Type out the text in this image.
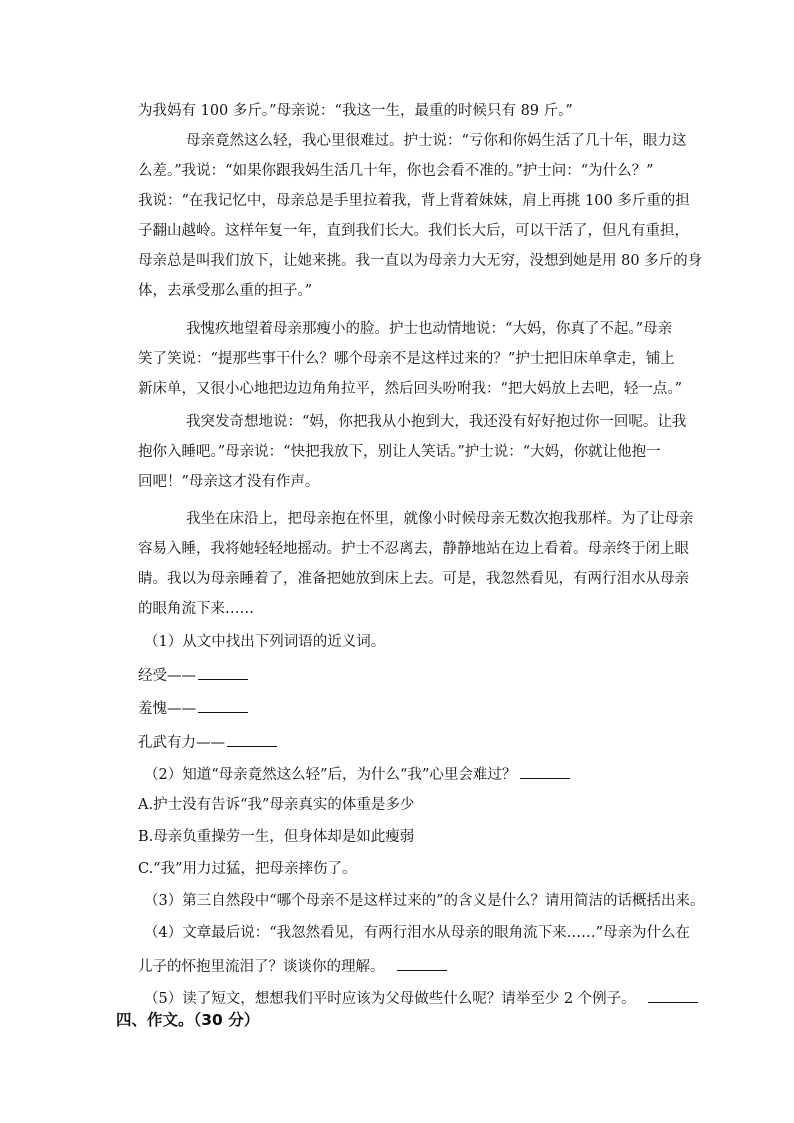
为我妈有 100 多斤。”母亲说：“我这一生，最重的时候只有 89 斤。”
母亲竟然这么轻，我心里很难过。护士说：“亏你和你妈生活了几十年，眼力这
么差。”我说：“如果你跟我妈生活几十年，你也会看不准的。”护士问：“为什么？”
我说：“在我记忆中，母亲总是手里拉着我，背上背着妹妹，肩上再挑 100 多斤重的担
子翻山越岭。这样年复一年，直到我们长大。我们长大后，可以干活了，但凡有重担，
母亲总是叫我们放下，让她来挑。我一直以为母亲力大无穷，没想到她是用 80 多斤的身
体，去承受那么重的担子。”
我愧疚地望着母亲那瘦小的脸。护士也动情地说：“大妈，你真了不起。”母亲
笑了笑说：“提那些事干什么？哪个母亲不是这样过来的？”护士把旧床单拿走，铺上
新床单，又很小心地把边边角角拉平，然后回头吩咐我：“把大妈放上去吧，轻一点。”
我突发奇想地说：“妈，你把我从小抱到大，我还没有好好抱过你一回呢。让我
抱你入睡吧。”母亲说：“快把我放下，别让人笑话。”护士说：“大妈，你就让他抱一
回吧！”母亲这才没有作声。
我坐在床沿上，把母亲抱在怀里，就像小时候母亲无数次抱我那样。为了让母亲
容易入睡，我将她轻轻地摇动。护士不忍离去，静静地站在边上看着。母亲终于闭上眼
睛。我以为母亲睡着了，准备把她放到床上去。可是，我忽然看见，有两行泪水从母亲
的眼角流下来……

（1）从文中找出下列词语的近义词。

经受——

羞愧——

孔武有力——

（2）知道“母亲竟然这么轻”后，为什么“我”心里会难过？

A.护士没有告诉“我”母亲真实的体重是多少

B.母亲负重操劳一生，但身体却是如此瘦弱

C.“我”用力过猛，把母亲摔伤了。

（3）第三自然段中“哪个母亲不是这样过来的”的含义是什么？请用简洁的话概括出来。

（4）文章最后说：“我忽然看见，有两行泪水从母亲的眼角流下来……”母亲为什么在

儿子的怀抱里流泪了？谈谈你的理解。

（5）读了短文，想想我们平时应该为父母做些什么呢？请举至少 2 个例子。

四、作文。（30 分）
